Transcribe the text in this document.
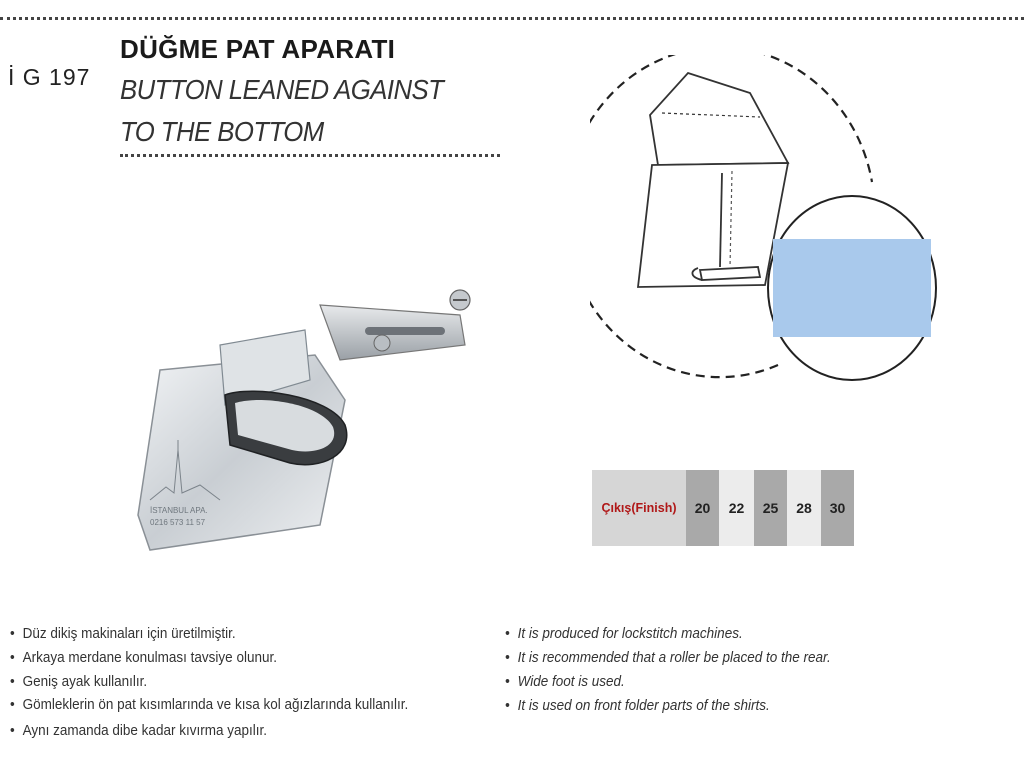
İ G 197
DÜĞME PAT APARATI
BUTTON LEANED AGAINST
TO THE BOTTOM
İSTANBUL APA.
0216 573 11 57
Çıkış(Finish)	20	22	25	28	30
• Düz dikiş makinaları için üretilmiştir.
• Arkaya merdane konulması tavsiye olunur.
• Geniş ayak kullanılır.
• Gömleklerin ön pat kısımlarında ve kısa kol ağızlarında kullanılır.
• Aynı zamanda dibe kadar kıvırma yapılır.
• It is produced for lockstitch machines.
• It is recommended that a roller be placed to the rear.
• Wide foot is used.
• It is used on front folder parts of the shirts.
